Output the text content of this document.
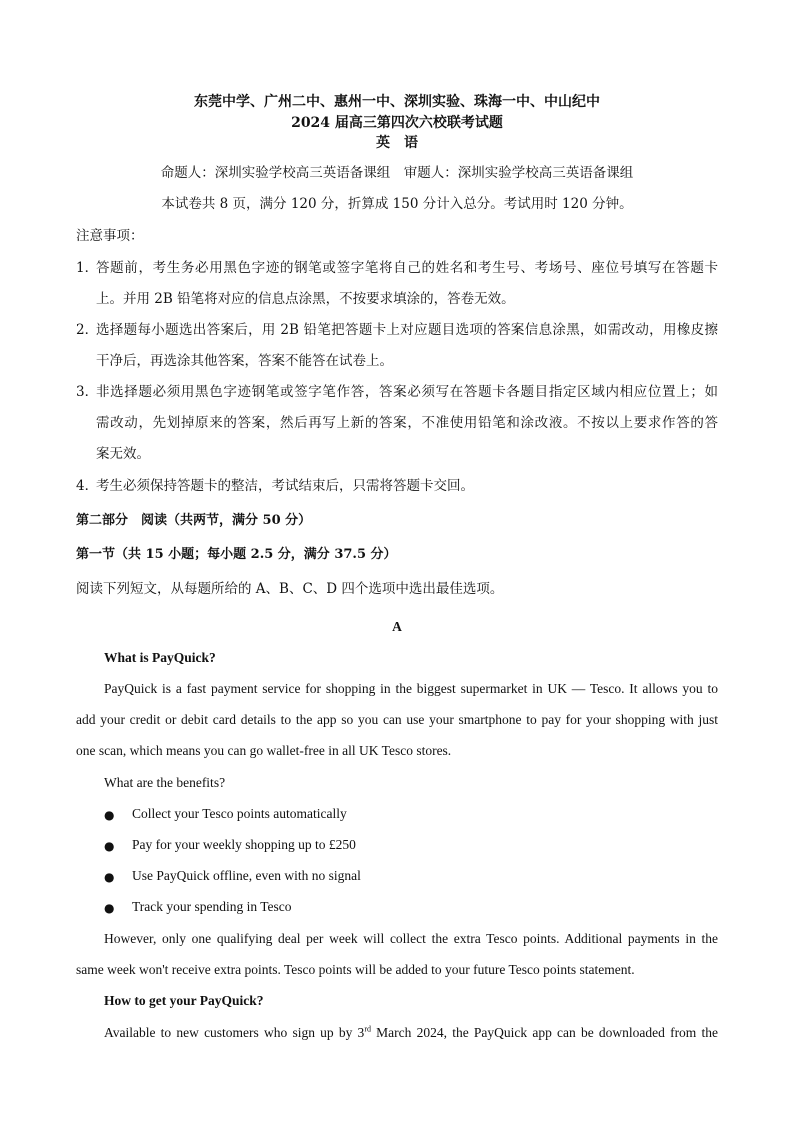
东莞中学、广州二中、惠州一中、深圳实验、珠海一中、中山纪中
2024 届高三第四次六校联考试题
英　语
命题人：深圳实验学校高三英语备课组　审题人：深圳实验学校高三英语备课组
本试卷共 8 页，满分 120 分，折算成 150 分计入总分。考试用时 120 分钟。
注意事项：
1．
答题前，考生务必用黑色字迹的钢笔或签字笔将自己的姓名和考生号、考场号、座位号填写在答题卡
上。并用 2B 铅笔将对应的信息点涂黑，不按要求填涂的，答卷无效。
2．
选择题每小题选出答案后，用 2B 铅笔把答题卡上对应题目选项的答案信息涂黑，如需改动，用橡皮擦
干净后，再选涂其他答案，答案不能答在试卷上。
3．
非选择题必须用黑色字迹钢笔或签字笔作答，答案必须写在答题卡各题目指定区域内相应位置上；如
需改动，先划掉原来的答案，然后再写上新的答案，不准使用铅笔和涂改液。不按以上要求作答的答
案无效。
4．
考生必须保持答题卡的整洁，考试结束后，只需将答题卡交回。
第二部分　阅读（共两节，满分 50 分）
第一节（共 15 小题；每小题 2.5 分，满分 37.5 分）
阅读下列短文，从每题所给的 A、B、C、D 四个选项中选出最佳选项。
A
What is PayQuick?
PayQuick is a fast payment service for shopping in the biggest supermarket in UK — Tesco. It allows you to
add your credit or debit card details to the app so you can use your smartphone to pay for your shopping with just
one scan, which means you can go wallet-free in all UK Tesco stores.
What are the benefits?
● Collect your Tesco points automatically
● Pay for your weekly shopping up to £250
● Use PayQuick offline, even with no signal
● Track your spending in Tesco
However, only one qualifying deal per week will collect the extra Tesco points. Additional payments in the
same week won't receive extra points. Tesco points will be added to your future Tesco points statement.
How to get your PayQuick?
Available to new customers who sign up by 3rd March 2024, the PayQuick app can be downloaded from the
